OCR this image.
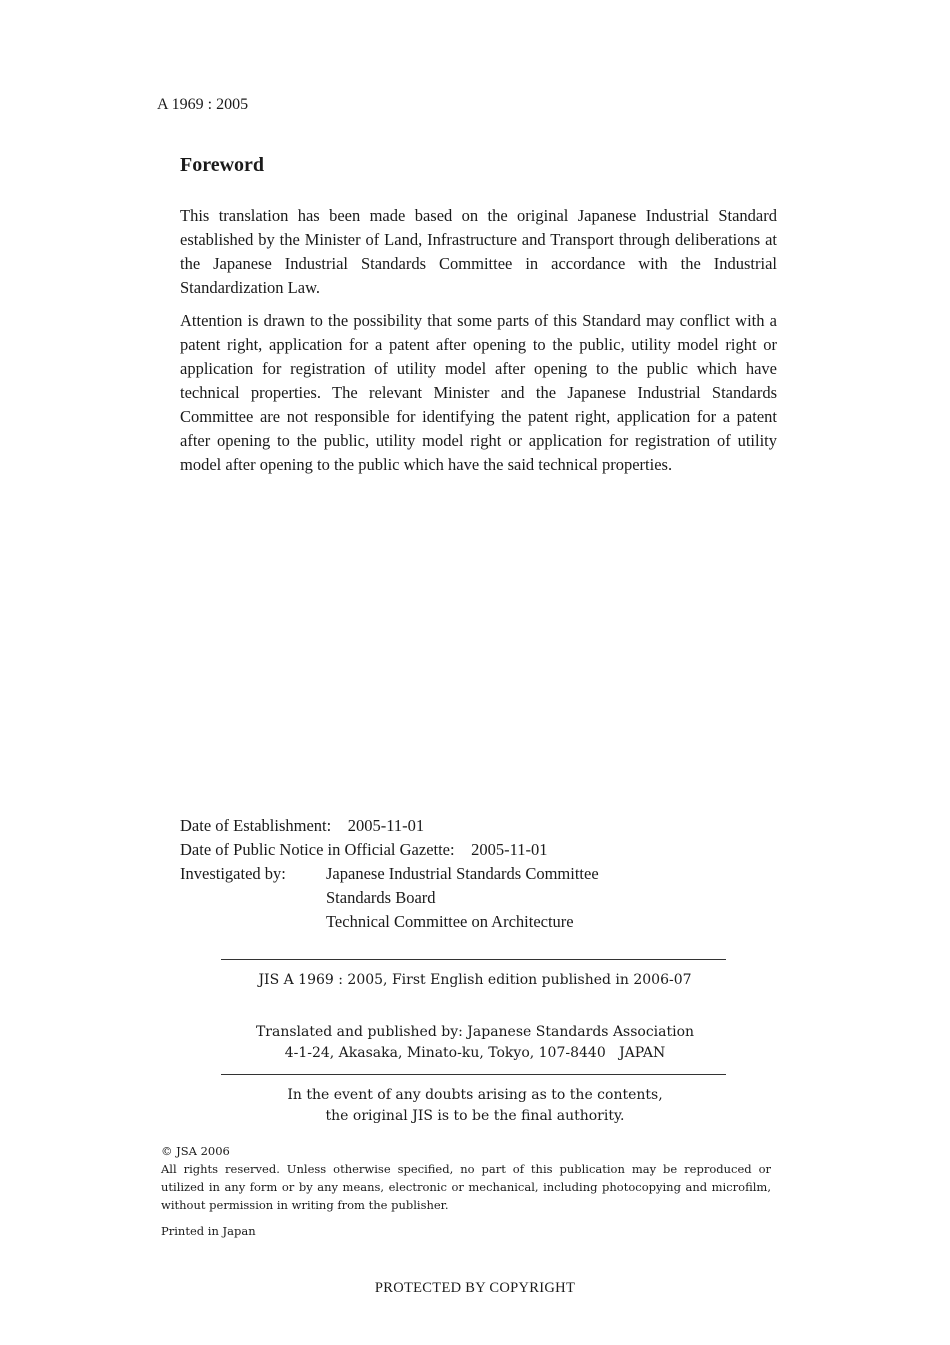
A 1969 : 2005
Foreword

This translation has been made based on the original Japanese Industrial Standard established by the Minister of Land, Infrastructure and Transport through deliberations at the Japanese Industrial Standards Committee in accordance with the Industrial Standardization Law.

Attention is drawn to the possibility that some parts of this Standard may conflict with a patent right, application for a patent after opening to the public, utility model right or application for registration of utility model after opening to the public which have technical properties. The relevant Minister and the Japanese Industrial Standards Committee are not responsible for identifying the patent right, application for a patent after opening to the public, utility model right or application for registration of utility model after opening to the public which have the said technical properties.

Date of Establishment: 2005-11-01
Date of Public Notice in Official Gazette: 2005-11-01
Investigated by:	Japanese Industrial Standards Committee
Standards Board
Technical Committee on Architecture
JIS A 1969 : 2005, First English edition published in 2006-07
Translated and published by: Japanese Standards Association
4-1-24, Akasaka, Minato-ku, Tokyo, 107-8440   JAPAN
In the event of any doubts arising as to the contents,
the original JIS is to be the final authority.
© JSA 2006
All rights reserved. Unless otherwise specified, no part of this publication may be reproduced or utilized in any form or by any means, electronic or mechanical, including photocopying and microfilm, without permission in writing from the publisher.
Printed in Japan
PROTECTED BY COPYRIGHT
